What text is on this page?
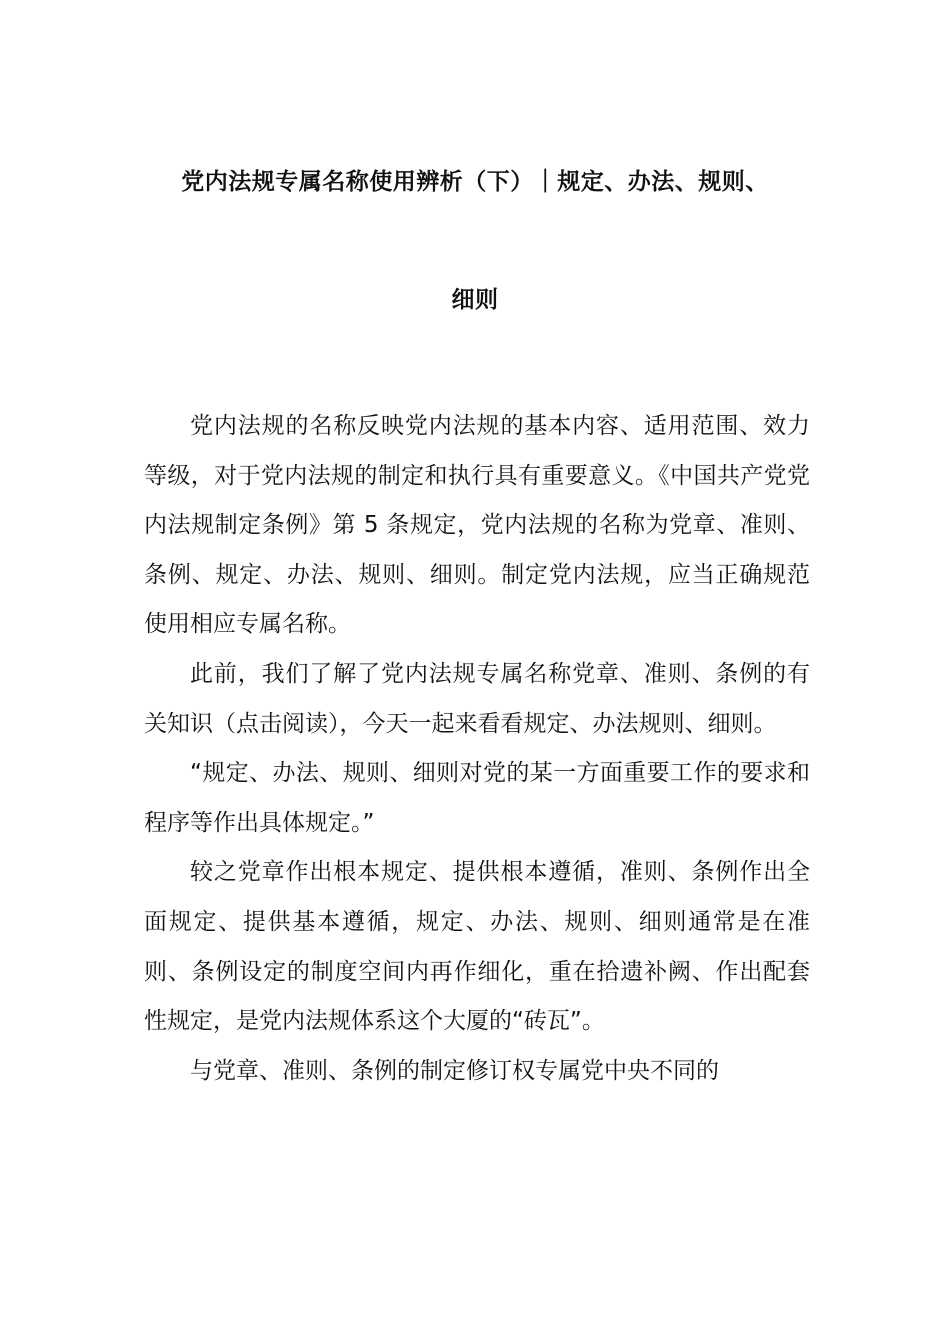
党内法规专属名称使用辨析（下）｜规定、办法、规则、
细则

党内法规的名称反映党内法规的基本内容、适用范围、效力等级，对于党内法规的制定和执行具有重要意义。《中国共产党党内法规制定条例》第 5 条规定，党内法规的名称为党章、准则、条例、规定、办法、规则、细则。制定党内法规，应当正确规范使用相应专属名称。

此前，我们了解了党内法规专属名称党章、准则、条例的有关知识（点击阅读），今天一起来看看规定、办法规则、细则。

“规定、办法、规则、细则对党的某一方面重要工作的要求和程序等作出具体规定。”

较之党章作出根本规定、提供根本遵循，准则、条例作出全面规定、提供基本遵循，规定、办法、规则、细则通常是在准则、条例设定的制度空间内再作细化，重在拾遗补阙、作出配套性规定，是党内法规体系这个大厦的“砖瓦”。

与党章、准则、条例的制定修订权专属党中央不同的
